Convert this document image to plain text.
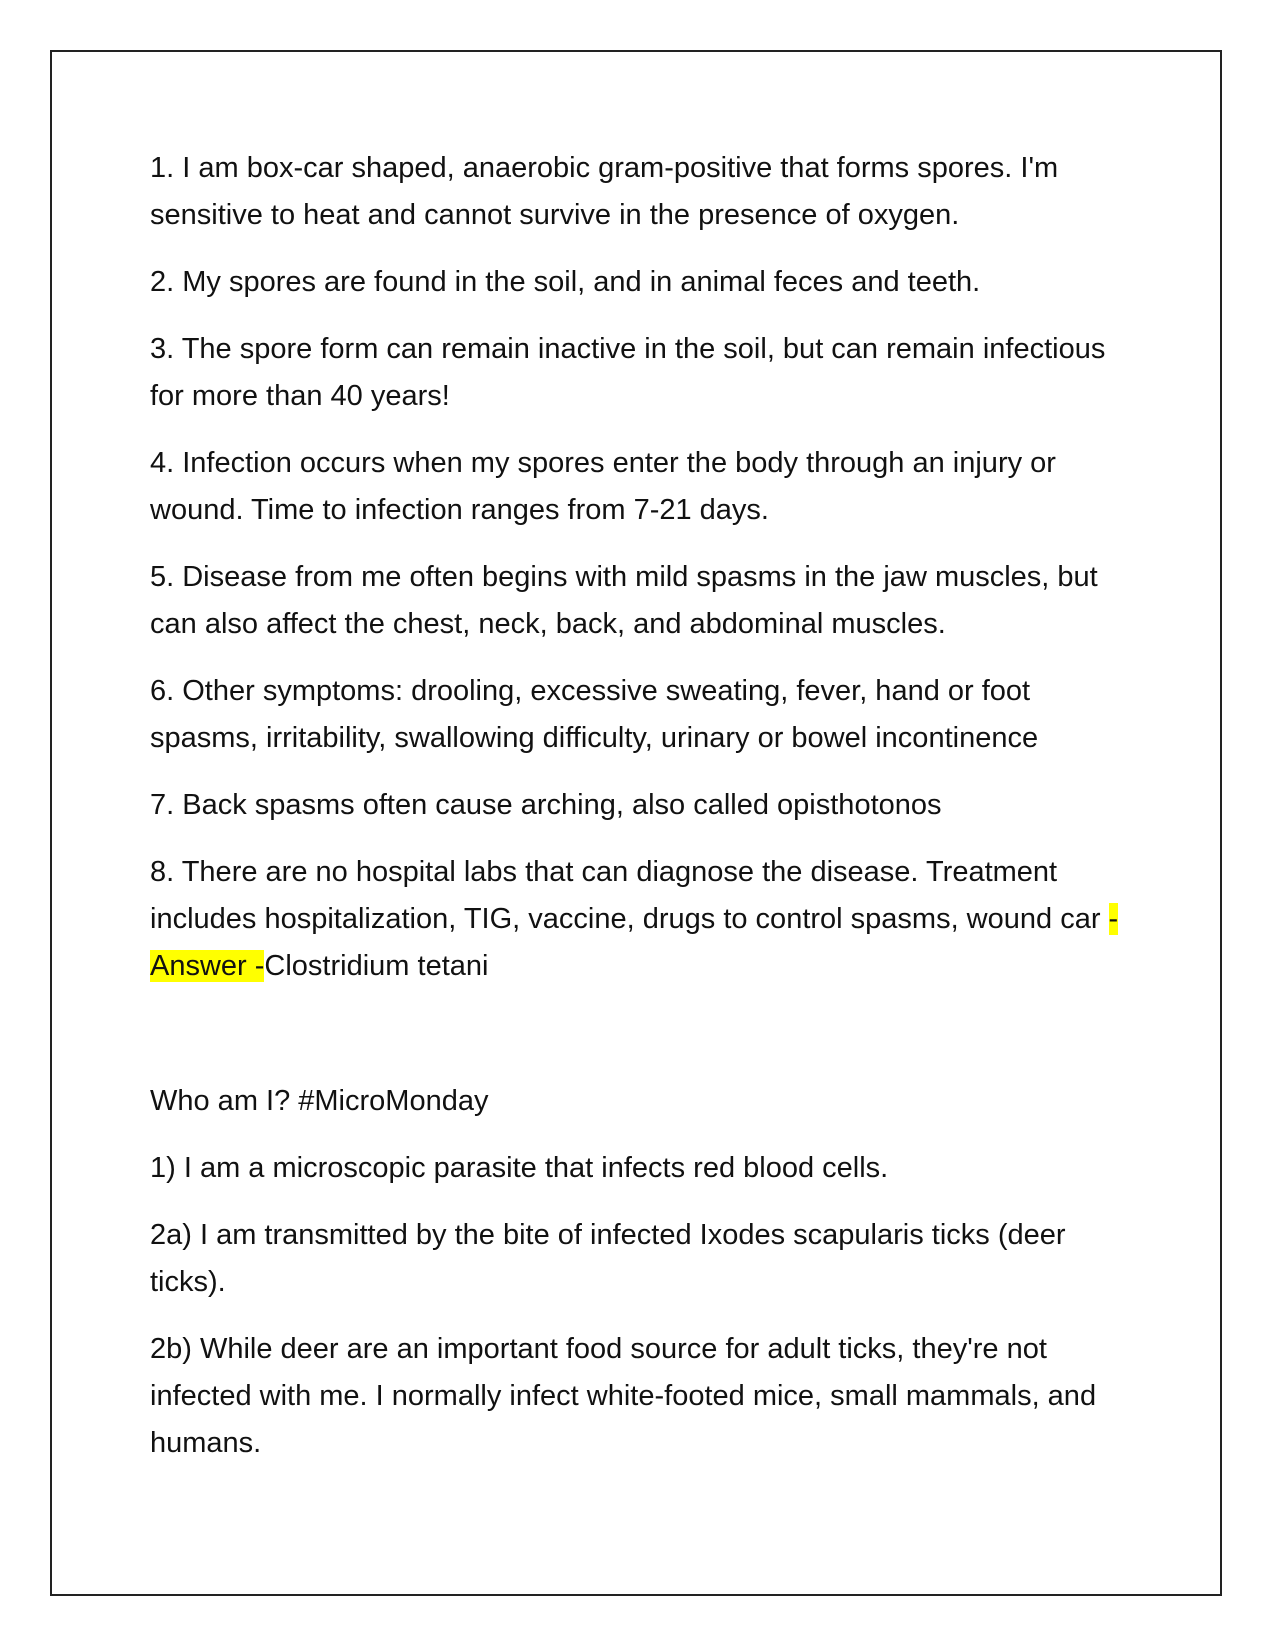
1. I am box-car shaped, anaerobic gram-positive that forms spores. I'm sensitive to heat and cannot survive in the presence of oxygen.

2. My spores are found in the soil, and in animal feces and teeth.

3. The spore form can remain inactive in the soil, but can remain infectious for more than 40 years!

4. Infection occurs when my spores enter the body through an injury or wound. Time to infection ranges from 7-21 days.

5. Disease from me often begins with mild spasms in the jaw muscles, but can also affect the chest, neck, back, and abdominal muscles.

6. Other symptoms: drooling, excessive sweating, fever, hand or foot spasms, irritability, swallowing difficulty, urinary or bowel incontinence

7. Back spasms often cause arching, also called opisthotonos

8. There are no hospital labs that can diagnose the disease. Treatment includes hospitalization, TIG, vaccine, drugs to control spasms, wound car - Answer -Clostridium tetani

Who am I? #MicroMonday

1) I am a microscopic parasite that infects red blood cells.

2a) I am transmitted by the bite of infected Ixodes scapularis ticks (deer ticks).

2b) While deer are an important food source for adult ticks, they're not infected with me. I normally infect white-footed mice, small mammals, and humans.
